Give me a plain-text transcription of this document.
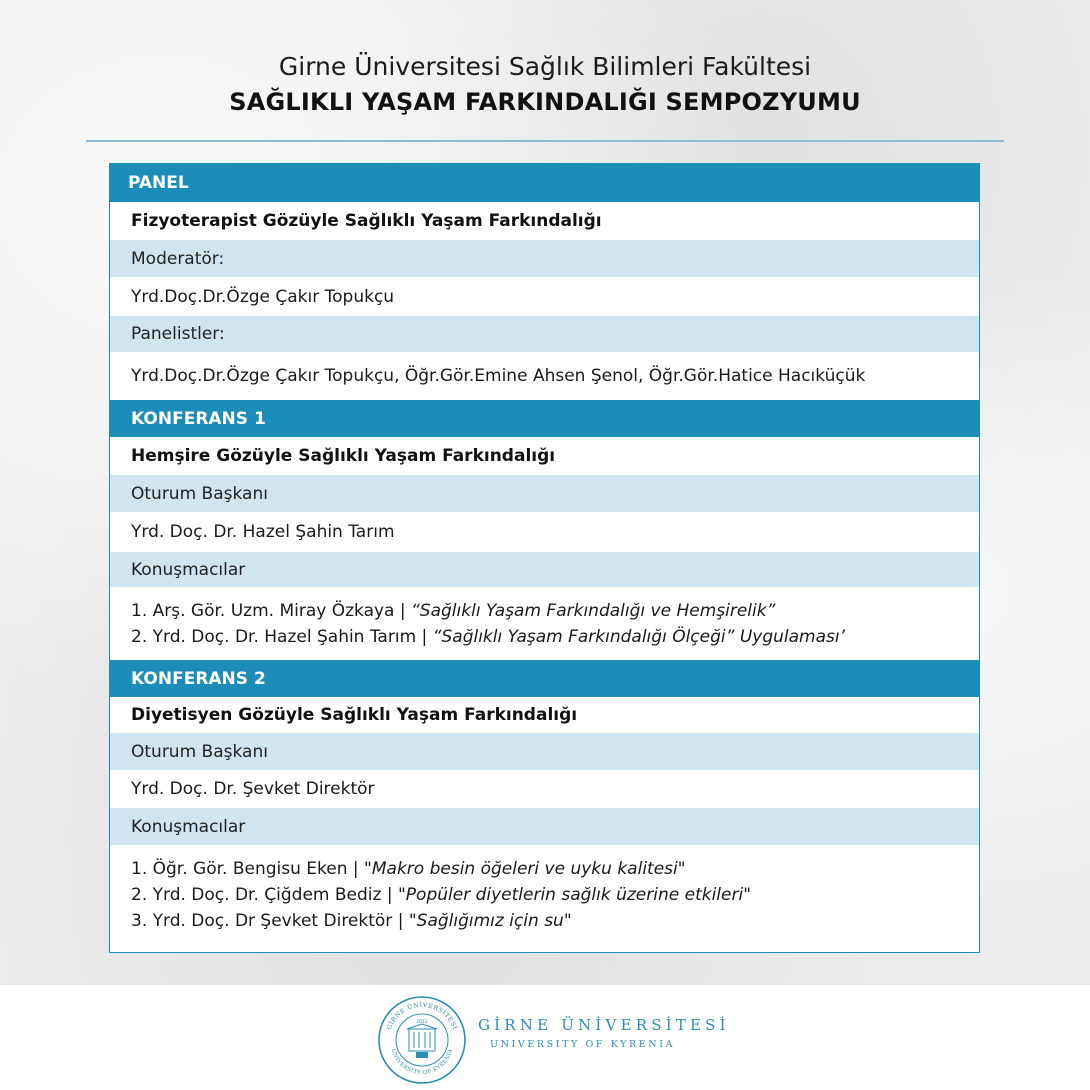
Girne Üniversitesi Sağlık Bilimleri Fakültesi
SAĞLIKLI YAŞAM FARKINDALIĞI SEMPOZYUMU
PANEL
Fizyoterapist Gözüyle Sağlıklı Yaşam Farkındalığı
Moderatör:
Yrd.Doç.Dr.Özge Çakır Topukçu
Panelistler:
Yrd.Doç.Dr.Özge Çakır Topukçu, Öğr.Gör.Emine Ahsen Şenol, Öğr.Gör.Hatice Hacıküçük
KONFERANS 1
Hemşire Gözüyle Sağlıklı Yaşam Farkındalığı
Oturum Başkanı
Yrd. Doç. Dr. Hazel Şahin Tarım
Konuşmacılar
1. Arş. Gör. Uzm. Miray Özkaya | “Sağlıklı Yaşam Farkındalığı ve Hemşirelik”
2. Yrd. Doç. Dr. Hazel Şahin Tarım | “Sağlıklı Yaşam Farkındalığı Ölçeği” Uygulaması’
KONFERANS 2
Diyetisyen Gözüyle Sağlıklı Yaşam Farkındalığı
Oturum Başkanı
Yrd. Doç. Dr. Şevket Direktör
Konuşmacılar
1. Öğr. Gör. Bengisu Eken | "Makro besin öğeleri ve uyku kalitesi"
2. Yrd. Doç. Dr. Çiğdem Bediz | "Popüler diyetlerin sağlık üzerine etkileri"
3. Yrd. Doç. Dr Şevket Direktör | "Sağlığımız için su"
GİRNE ÜNİVERSİTESİ
UNIVERSITY OF KYRENIA
2013	GİRNE ÜNİVERSİTESİ
UNIVERSITY OF KYRENIA
